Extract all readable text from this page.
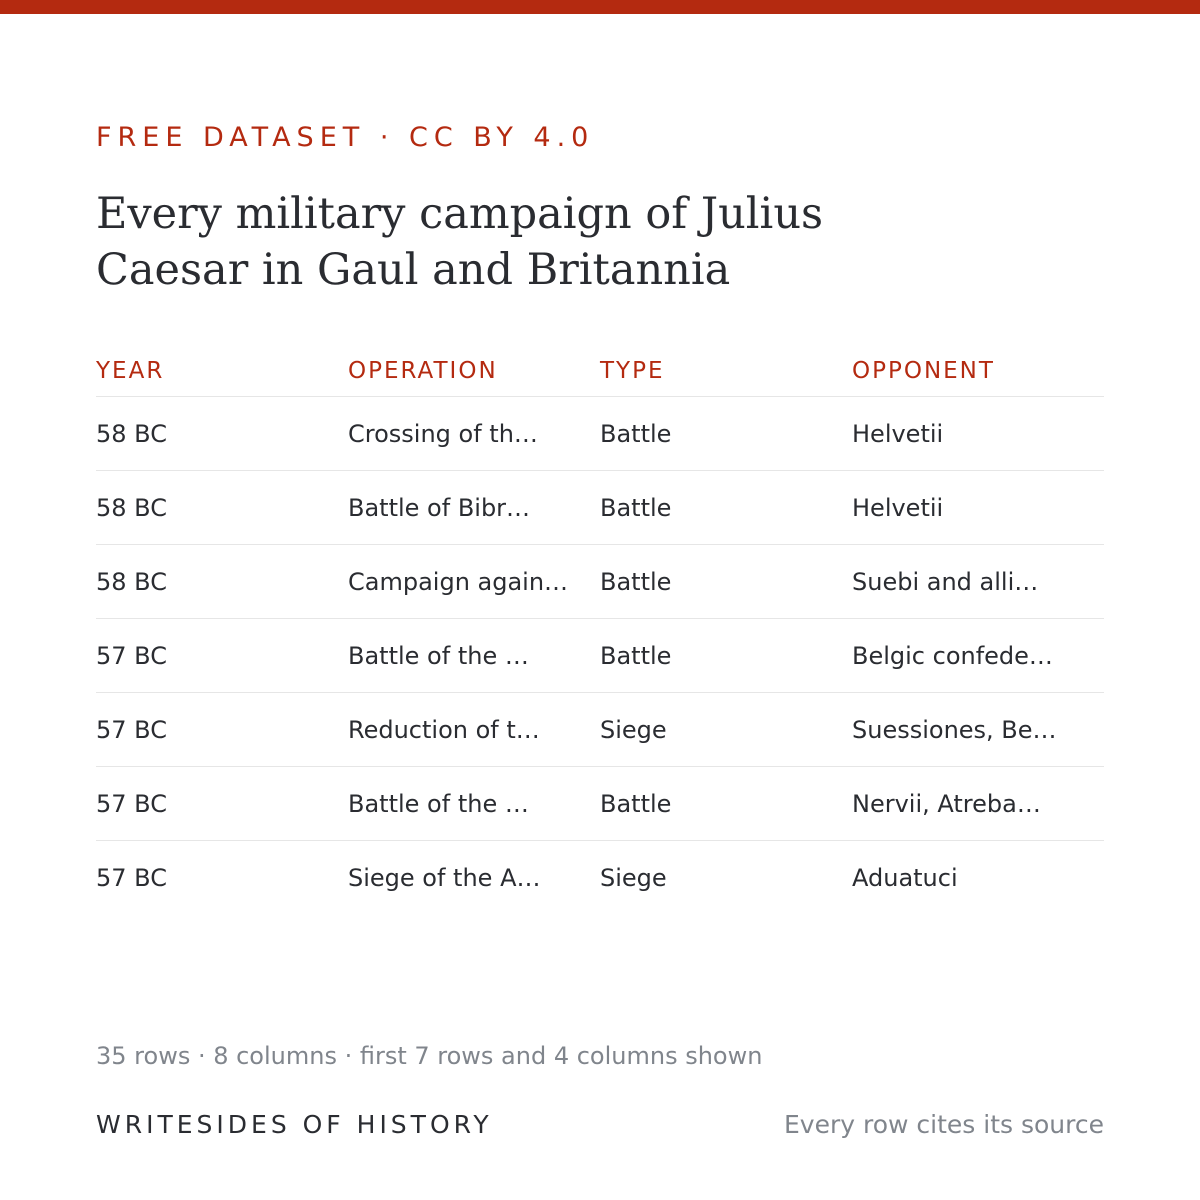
FREE DATASET · CC BY 4.0
Every military campaign of Julius Caesar in Gaul and Britannia
YEAR	OPERATION	TYPE	OPPONENT
58 BC	Crossing of th…	Battle	Helvetii
58 BC	Battle of Bibr…	Battle	Helvetii
58 BC	Campaign again…	Battle	Suebi and alli…
57 BC	Battle of the …	Battle	Belgic confede…
57 BC	Reduction of t…	Siege	Suessiones, Be…
57 BC	Battle of the …	Battle	Nervii, Atreba…
57 BC	Siege of the A…	Siege	Aduatuci
35 rows · 8 columns · first 7 rows and 4 columns shown
WRITESIDES OF HISTORY	Every row cites its source
